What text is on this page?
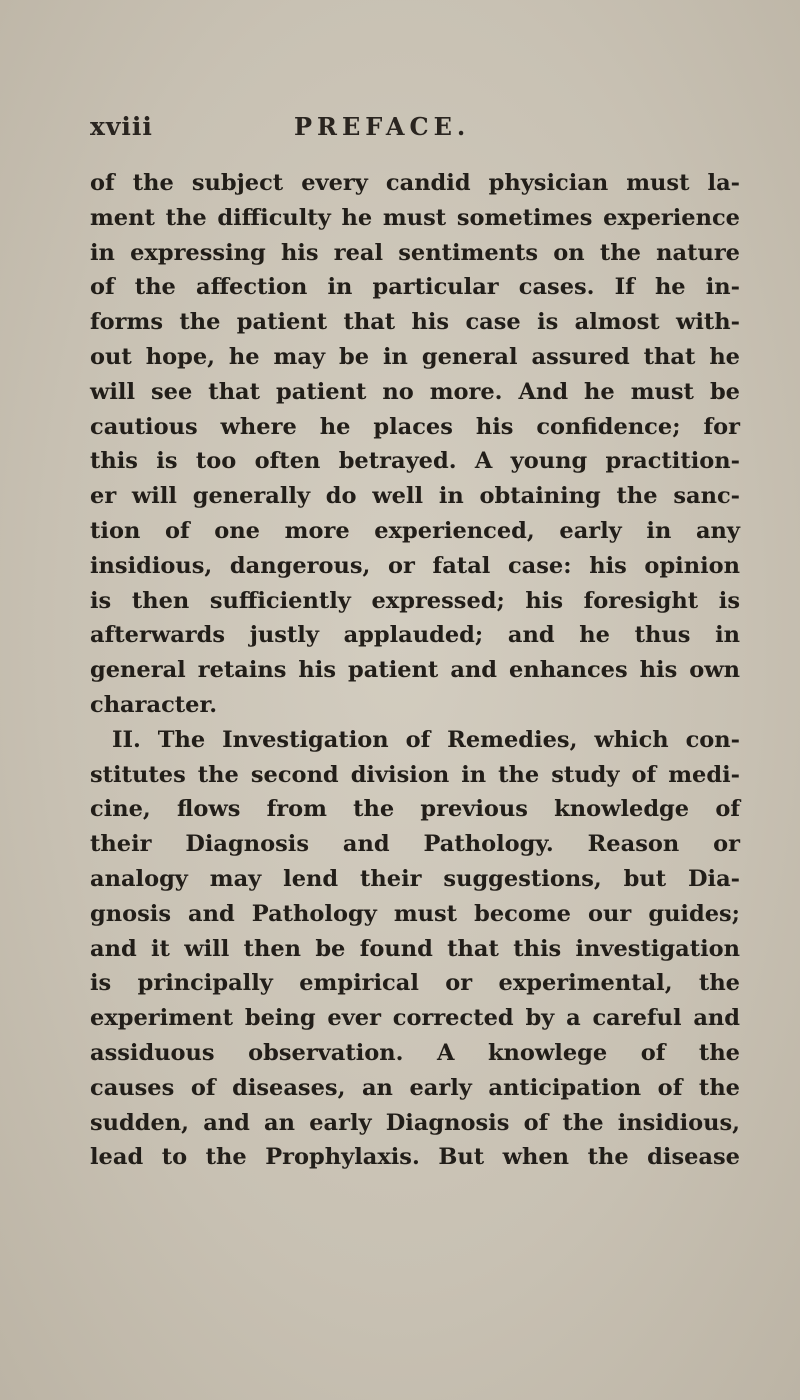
xviii	PREFACE.
of the subject every candid physician must la-
ment the difficulty he must sometimes experience
in expressing his real sentiments on the nature
of the affection in particular cases. If he in-
forms the patient that his case is almost with-
out hope, he may be in general assured that he
will see that patient no more. And he must be
cautious where he places his confidence; for
this is too often betrayed. A young practition-
er will generally do well in obtaining the sanc-
tion of one more experienced, early in any
insidious, dangerous, or fatal case: his opinion
is then sufficiently expressed; his foresight is
afterwards justly applauded; and he thus in
general retains his patient and enhances his own
character.
II. The Investigation of Remedies, which con-
stitutes the second division in the study of medi-
cine, flows from the previous knowledge of
their Diagnosis and Pathology. Reason or
analogy may lend their suggestions, but Dia-
gnosis and Pathology must become our guides;
and it will then be found that this investigation
is principally empirical or experimental, the
experiment being ever corrected by a careful and
assiduous observation. A knowlege of the
causes of diseases, an early anticipation of the
sudden, and an early Diagnosis of the insidious,
lead to the Prophylaxis. But when the disease
